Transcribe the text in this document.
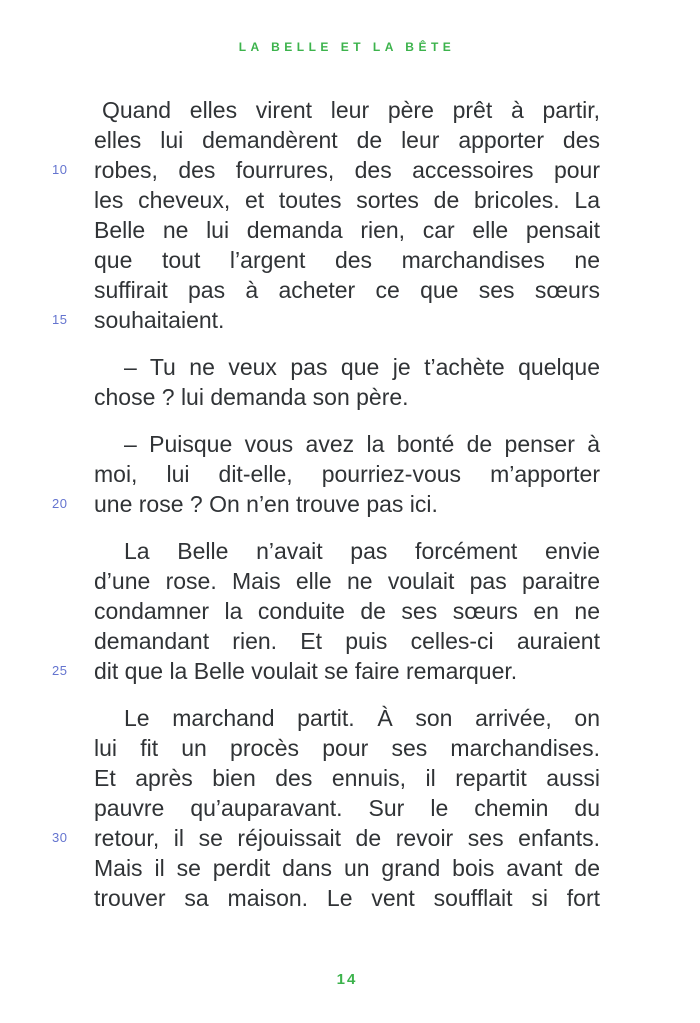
LA BELLE ET LA BÊTE
Quand elles virent leur père prêt à partir,
elles lui demandèrent de leur apporter des
robes, des fourrures, des accessoires pour
10
les cheveux, et toutes sortes de bricoles. La
Belle ne lui demanda rien, car elle pensait
que tout l’argent des marchandises ne
suffirait pas à acheter ce que ses sœurs
souhaitaient.
15
– Tu ne veux pas que je t’achète quelque
chose ? lui demanda son père.
– Puisque vous avez la bonté de penser à
moi, lui dit-elle, pourriez-vous m’apporter
une rose ? On n’en trouve pas ici.
20
La Belle n’avait pas forcément envie
d’une rose. Mais elle ne voulait pas paraitre
condamner la conduite de ses sœurs en ne
demandant rien. Et puis celles-ci auraient
dit que la Belle voulait se faire remarquer.
25
Le marchand partit. À son arrivée, on
lui fit un procès pour ses marchandises.
Et après bien des ennuis, il repartit aussi
pauvre qu’auparavant. Sur le chemin du
retour, il se réjouissait de revoir ses enfants.
30
Mais il se perdit dans un grand bois avant de
trouver sa maison. Le vent soufflait si fort
14
